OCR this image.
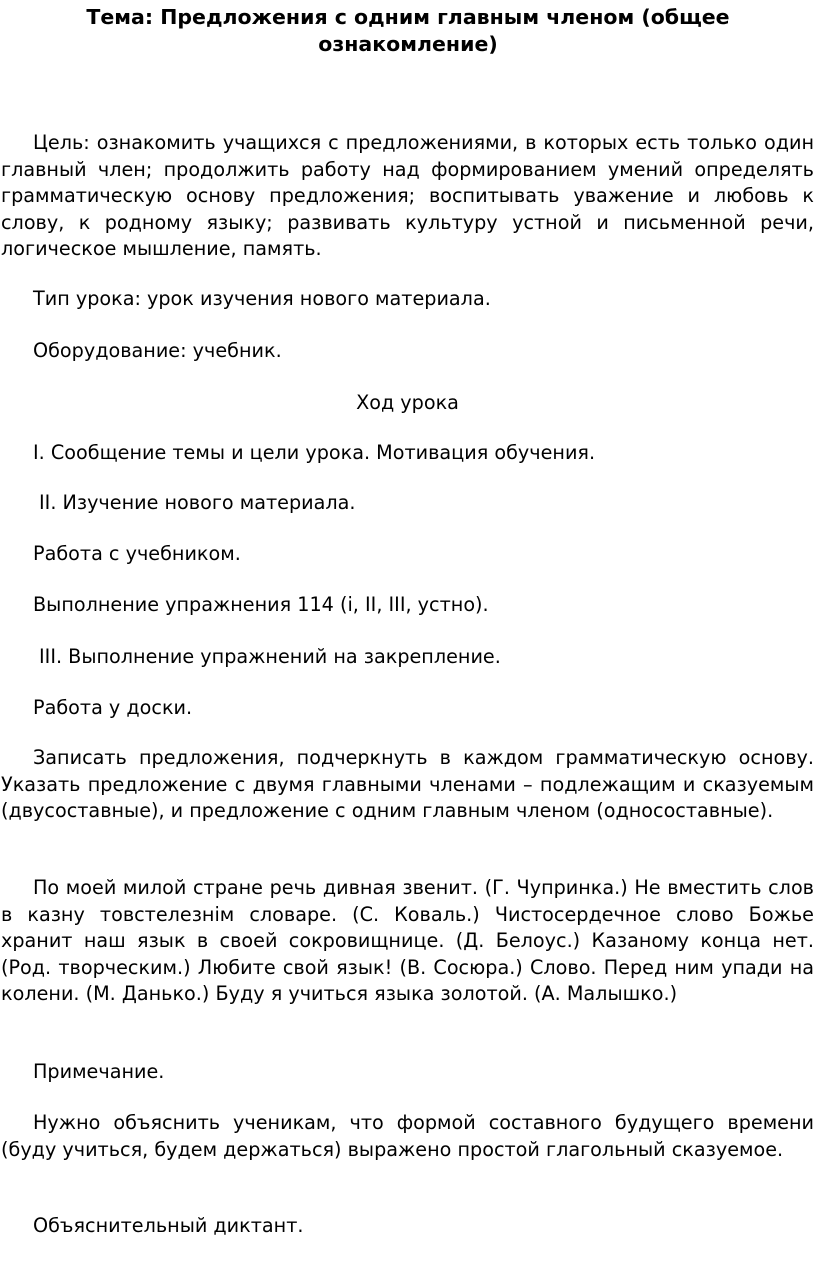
Тема: Предложения с одним главным членом (общее
ознакомление)

Цель: ознакомить учащихся с предложениями, в которых есть только один главный член; продолжить работу над формированием умений определять грамматическую основу предложения; воспитывать уважение и любовь к слову, к родному языку; развивать культуру устной и письменной речи, логическое мышление, память.

Тип урока: урок изучения нового материала.

Оборудование: учебник.

Ход урока

I. Сообщение темы и цели урока. Мотивация обучения.

II. Изучение нового материала.

Работа с учебником.

Выполнение упражнения 114 (і, II, III, устно).

III. Выполнение упражнений на закрепление.

Работа у доски.

Записать предложения, подчеркнуть в каждом грамматическую основу. Указать предложение с двумя главными членами – подлежащим и сказуемым (двусоставные), и предложение с одним главным членом (односоставные).

По моей милой стране речь дивная звенит. (Г. Чупринка.) Не вместить слов в казну товстелезнім словаре. (С. Коваль.) Чистосердечное слово Божье хранит наш язык в своей сокровищнице. (Д. Белоус.) Казаному конца нет. (Род. творческим.) Любите свой язык! (В. Сосюра.) Слово. Перед ним упади на колени. (М. Данько.) Буду я учиться языка золотой. (А. Малышко.)

Примечание.

Нужно объяснить ученикам, что формой составного будущего времени (буду учиться, будем держаться) выражено простой глагольный сказуемое.

Объяснительный диктант.
